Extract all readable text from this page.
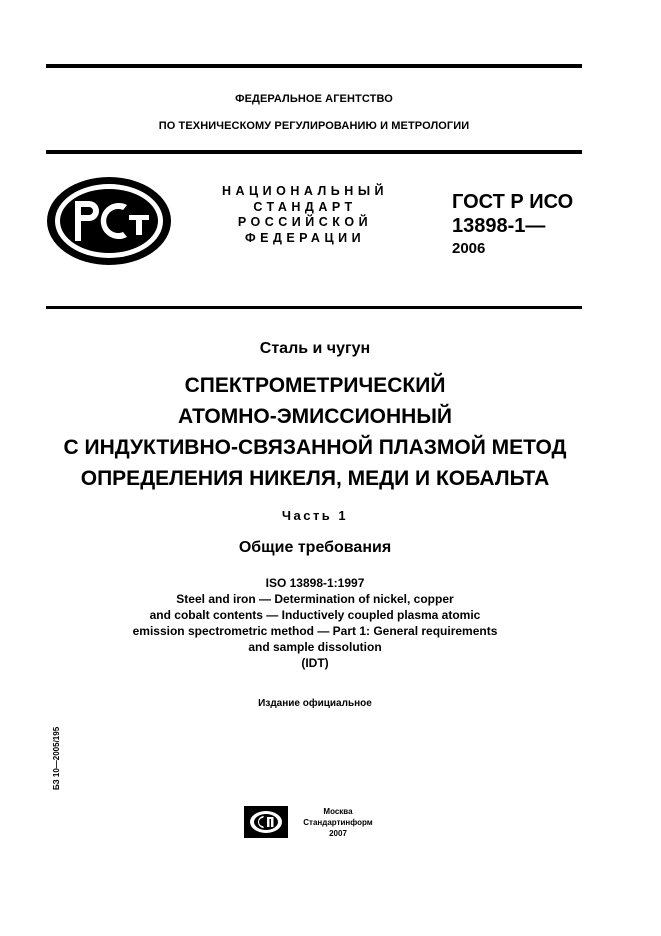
ФЕДЕРАЛЬНОЕ АГЕНТСТВО
ПО ТЕХНИЧЕСКОМУ РЕГУЛИРОВАНИЮ И МЕТРОЛОГИИ
НАЦИОНАЛЬНЫЙ
СТАНДАРТ
РОССИЙСКОЙ
ФЕДЕРАЦИИ
ГОСТ Р ИСО
13898-1—
2006
Сталь и чугун
СПЕКТРОМЕТРИЧЕСКИЙ
АТОМНО-ЭМИССИОННЫЙ
С ИНДУКТИВНО-СВЯЗАННОЙ ПЛАЗМОЙ МЕТОД
ОПРЕДЕЛЕНИЯ НИКЕЛЯ, МЕДИ И КОБАЛЬТА
Часть 1
Общие требования
ISO 13898-1:1997
Steel and iron — Determination of nickel, copper
and cobalt contents — Inductively coupled plasma atomic
emission spectrometric method — Part 1: General requirements
and sample dissolution
(IDT)
Издание официальное
БЗ 10—2005/195
Москва
Стандартинформ
2007
